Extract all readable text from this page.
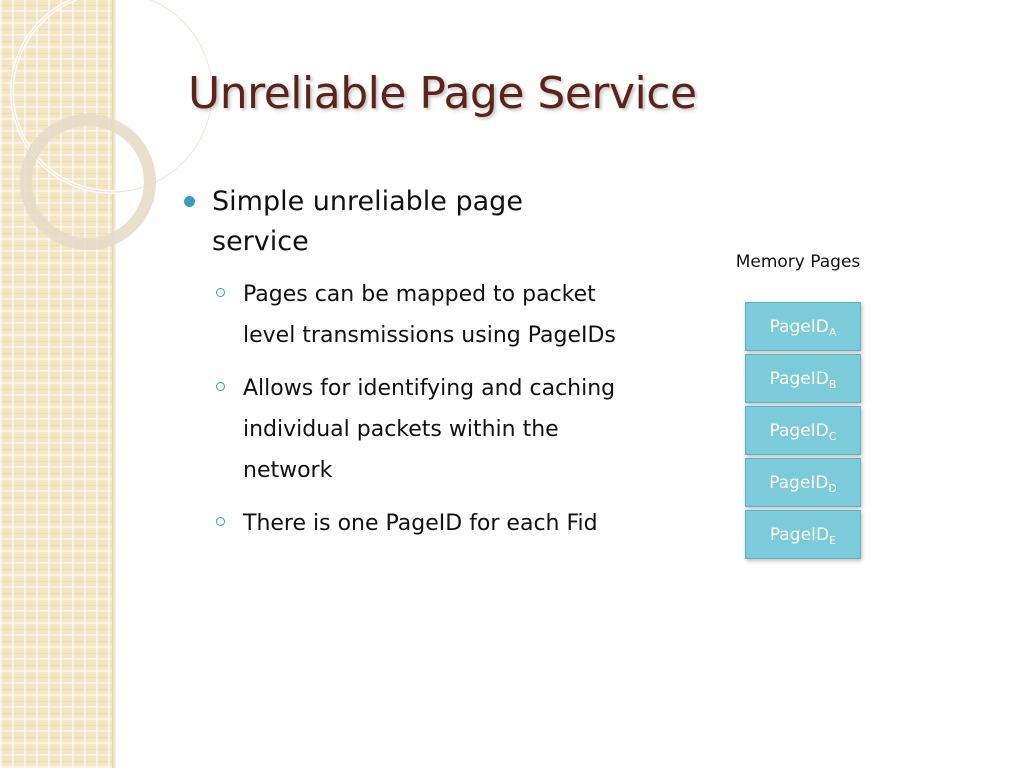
Unreliable Page Service
Simple unreliable page service
Pages can be mapped to packet level transmissions using PageIDs
Allows for identifying and caching individual packets within the network
There is one PageID for each Fid
Memory Pages
PageID$_A$
PageID$_B$
PageID$_C$
PageID$_D$
PageID$_E$
